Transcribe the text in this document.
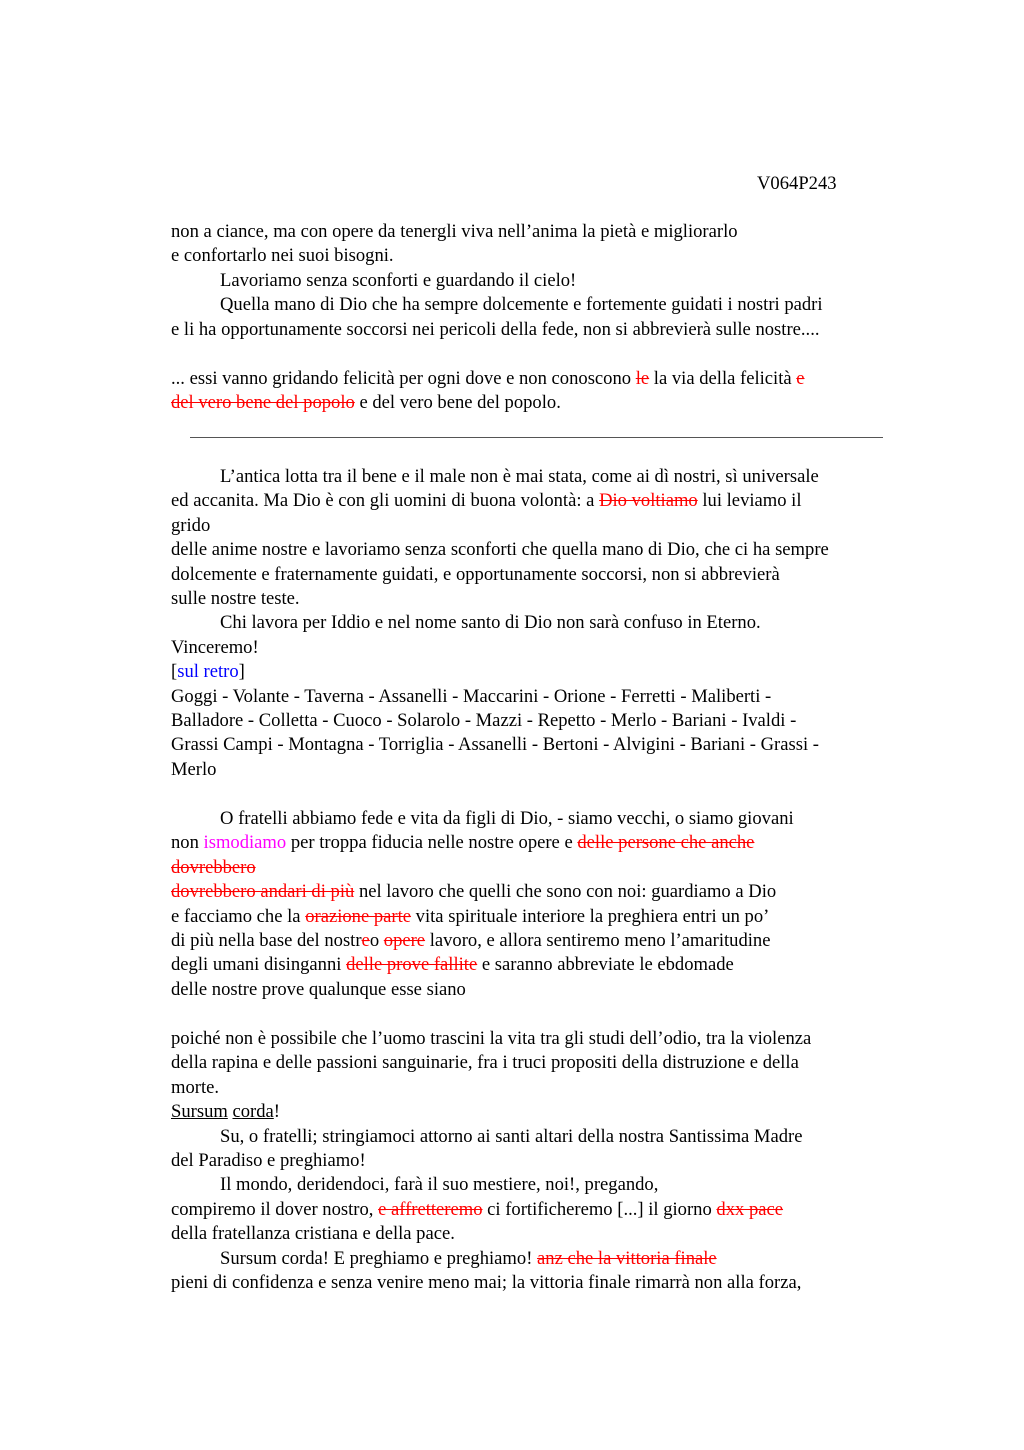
V064P243
non a ciance, ma con opere da tenergli viva nell’anima la pietà e migliorarlo
e confortarlo nei suoi bisogni.
Lavoriamo senza sconforti e guardando il cielo!
Quella mano di Dio che ha sempre dolcemente e fortemente guidati i nostri padri
e li ha opportunamente soccorsi nei pericoli della fede, non si abbrevierà sulle nostre....
... essi vanno gridando felicità per ogni dove e non conoscono le la via della felicità e
del vero bene del popolo e del vero bene del popolo.
L’antica lotta tra il bene e il male non è mai stata, come ai dì nostri, sì universale
ed accanita. Ma Dio è con gli uomini di buona volontà: a Dio voltiamo lui leviamo il
grido
delle anime nostre e lavoriamo senza sconforti che quella mano di Dio, che ci ha sempre
dolcemente e fraternamente guidati, e opportunamente soccorsi, non si abbrevierà
sulle nostre teste.
Chi lavora per Iddio e nel nome santo di Dio non sarà confuso in Eterno.
Vinceremo!
[sul retro]
Goggi - Volante - Taverna - Assanelli - Maccarini - Orione - Ferretti - Maliberti -
Balladore - Colletta - Cuoco - Solarolo - Mazzi - Repetto - Merlo - Bariani - Ivaldi -
Grassi Campi - Montagna - Torriglia - Assanelli - Bertoni - Alvigini - Bariani - Grassi -
Merlo
O fratelli abbiamo fede e vita da figli di Dio, - siamo vecchi, o siamo giovani
non ismodiamo per troppa fiducia nelle nostre opere e delle persone che anche
dovrebbero
dovrebbero andari di più nel lavoro che quelli che sono con noi: guardiamo a Dio
e facciamo che la orazione parte vita spirituale interiore la preghiera entri un po’
di più nella base del nostreo opere lavoro, e allora sentiremo meno l’amaritudine
degli umani disinganni delle prove fallite e saranno abbreviate le ebdomade
delle nostre prove qualunque esse siano
poiché non è possibile che l’uomo trascini la vita tra gli studi dell’odio, tra la violenza
della rapina e delle passioni sanguinarie, fra i truci propositi della distruzione e della
morte.
Sursum corda!
Su, o fratelli; stringiamoci attorno ai santi altari della nostra Santissima Madre
del Paradiso e preghiamo!
Il mondo, deridendoci, farà il suo mestiere, noi!, pregando,
compiremo il dover nostro, e affretteremo ci fortificheremo [...] il giorno dxx pace
della fratellanza cristiana e della pace.
Sursum corda! E preghiamo e preghiamo! anz che la vittoria finale
pieni di confidenza e senza venire meno mai; la vittoria finale rimarrà non alla forza,
